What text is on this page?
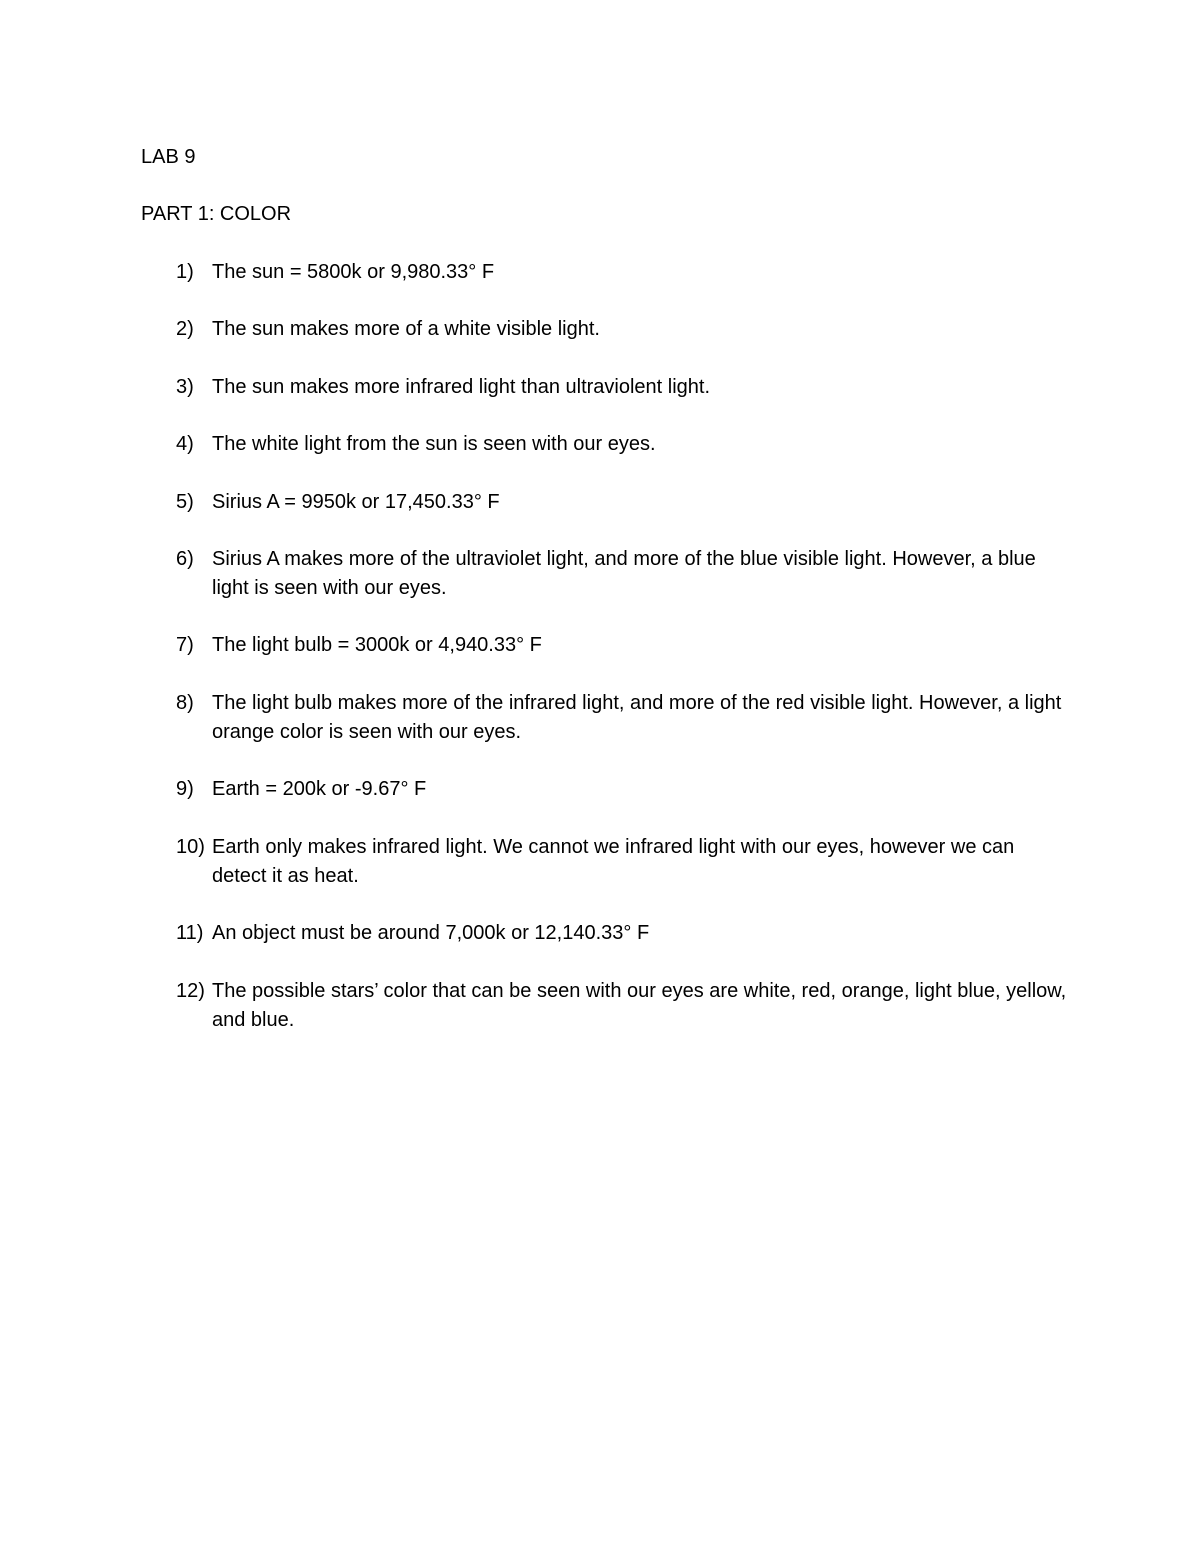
LAB 9
PART 1: COLOR
1) The sun = 5800k or 9,980.33° F
2) The sun makes more of a white visible light.
3) The sun makes more infrared light than ultraviolent light.
4) The white light from the sun is seen with our eyes.
5) Sirius A = 9950k or 17,450.33° F
6) Sirius A makes more of the ultraviolet light, and more of the blue visible light. However, a blue light is seen with our eyes.
7) The light bulb = 3000k or 4,940.33° F
8) The light bulb makes more of the infrared light, and more of the red visible light. However, a light orange color is seen with our eyes.
9) Earth = 200k or -9.67° F
10) Earth only makes infrared light. We cannot we infrared light with our eyes, however we can detect it as heat.
11) An object must be around 7,000k or 12,140.33° F
12) The possible stars’ color that can be seen with our eyes are white, red, orange, light blue, yellow, and blue.
